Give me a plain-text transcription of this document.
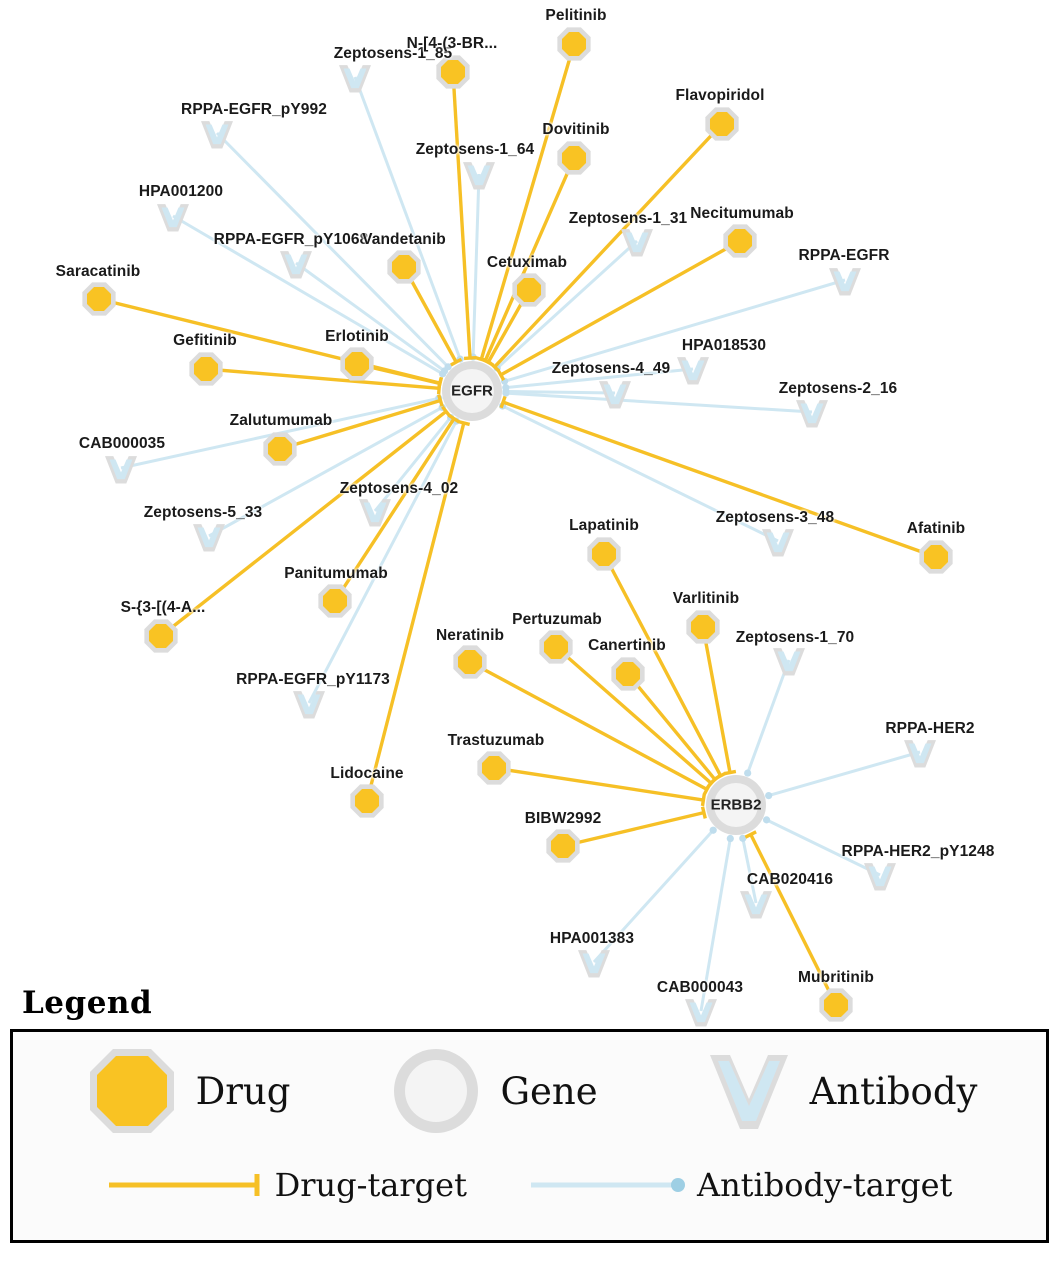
Zeptosens-1_85
RPPA-EGFR_pY992
Zeptosens-1_64
HPA001200
Zeptosens-1_31
RPPA-EGFR_pY1068
RPPA-EGFR
HPA018530
Zeptosens-4_49
Zeptosens-2_16
CAB000035
Zeptosens-4_02
Zeptosens-5_33	Zeptosens-3_48
Zeptosens-1_70
RPPA-EGFR_pY1173
RPPA-HER2
RPPA-HER2_pY1248
CAB020416
HPA001383
CAB000043
Pelitinib
N-[4-(3-BR...
Flavopiridol
Dovitinib
Necitumumab
Vandetanib
Cetuximab
Saracatinib
Erlotinib
Gefitinib
Zalutumumab
Afatinib
Lapatinib
Panitumumab
Varlitinib
S-{3-[(4-A...
Pertuzumab
Neratinib
Canertinib
Trastuzumab
Lidocaine
BIBW2992
Mubritinib
EGFR
ERBB2
Legend
Drug	Gene	Antibody
Drug-target	Antibody-target
